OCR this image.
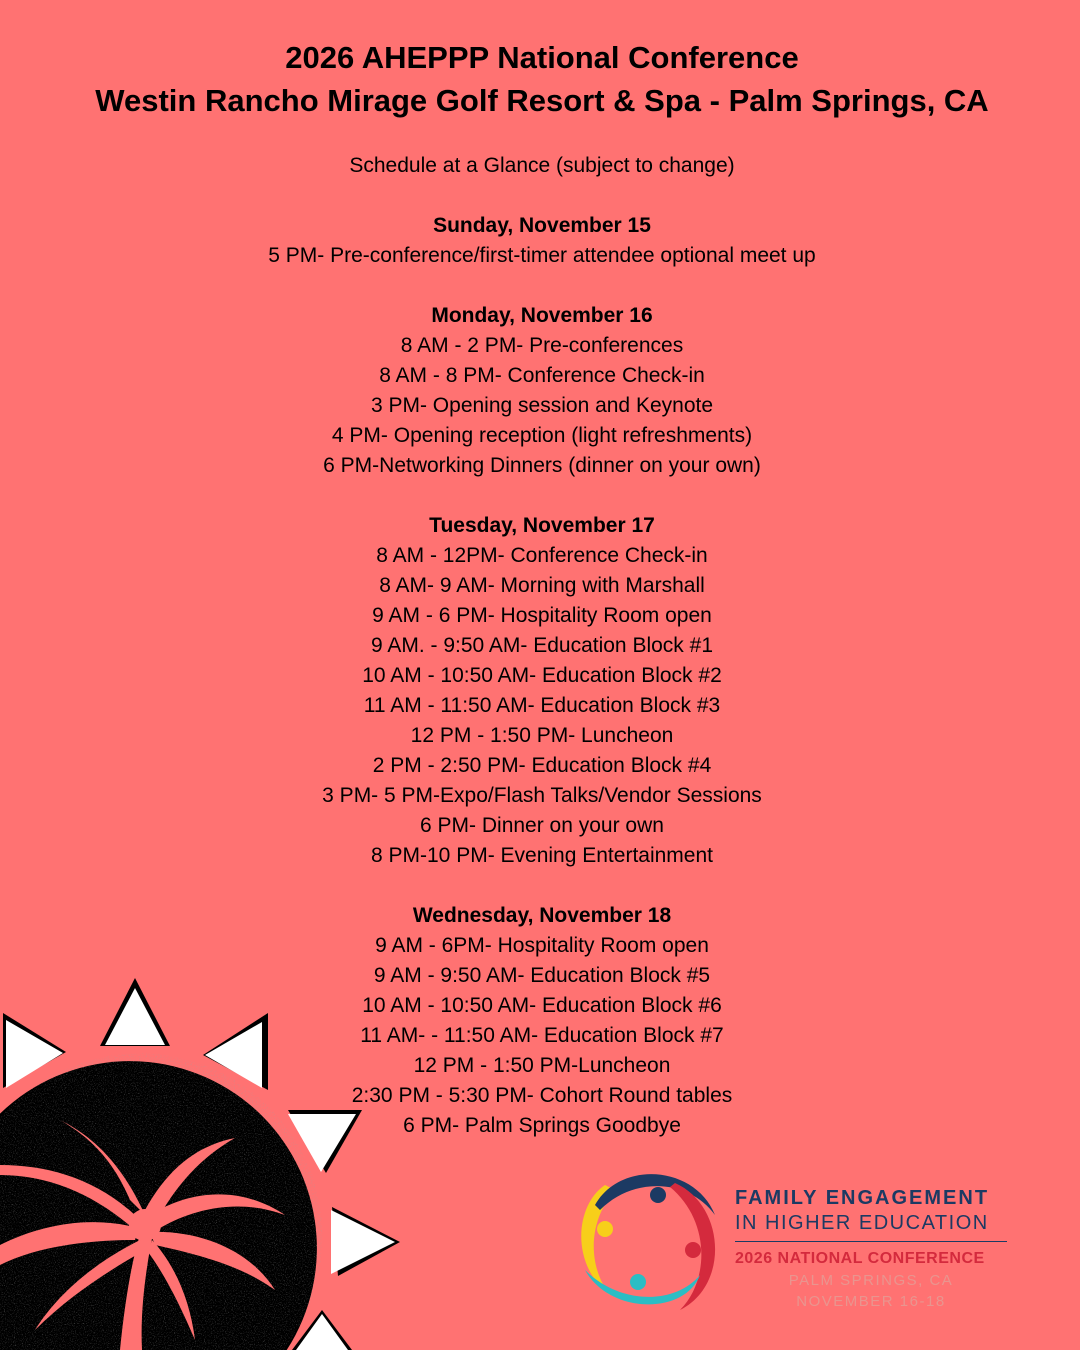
2026 AHEPPP National Conference
Westin Rancho Mirage Golf Resort & Spa - Palm Springs, CA
Schedule at a Glance (subject to change)
Sunday, November 15
5 PM- Pre-conference/first-timer attendee optional meet up
Monday, November 16
8 AM - 2 PM- Pre-conferences
8 AM - 8 PM- Conference Check-in
3 PM- Opening session and Keynote
4 PM- Opening reception (light refreshments)
6 PM-Networking Dinners (dinner on your own)
Tuesday, November 17
8 AM - 12PM- Conference Check-in
8 AM- 9 AM- Morning with Marshall
9 AM - 6 PM- Hospitality Room open
9 AM. - 9:50 AM- Education Block #1
10 AM - 10:50 AM- Education Block #2
11 AM - 11:50 AM- Education Block #3
12 PM - 1:50 PM- Luncheon
2 PM - 2:50 PM- Education Block #4
3 PM- 5 PM-Expo/Flash Talks/Vendor Sessions
6 PM- Dinner on your own
8 PM-10 PM- Evening Entertainment
Wednesday, November 18
9 AM - 6PM- Hospitality Room open
9 AM - 9:50 AM- Education Block #5
10 AM - 10:50 AM- Education Block #6
11 AM- - 11:50 AM- Education Block #7
12 PM - 1:50 PM-Luncheon
2:30 PM - 5:30 PM- Cohort Round tables
6 PM- Palm Springs Goodbye
FAMILY ENGAGEMENT
IN HIGHER EDUCATION
2026 NATIONAL CONFERENCE
PALM SPRINGS, CA
NOVEMBER 16-18
